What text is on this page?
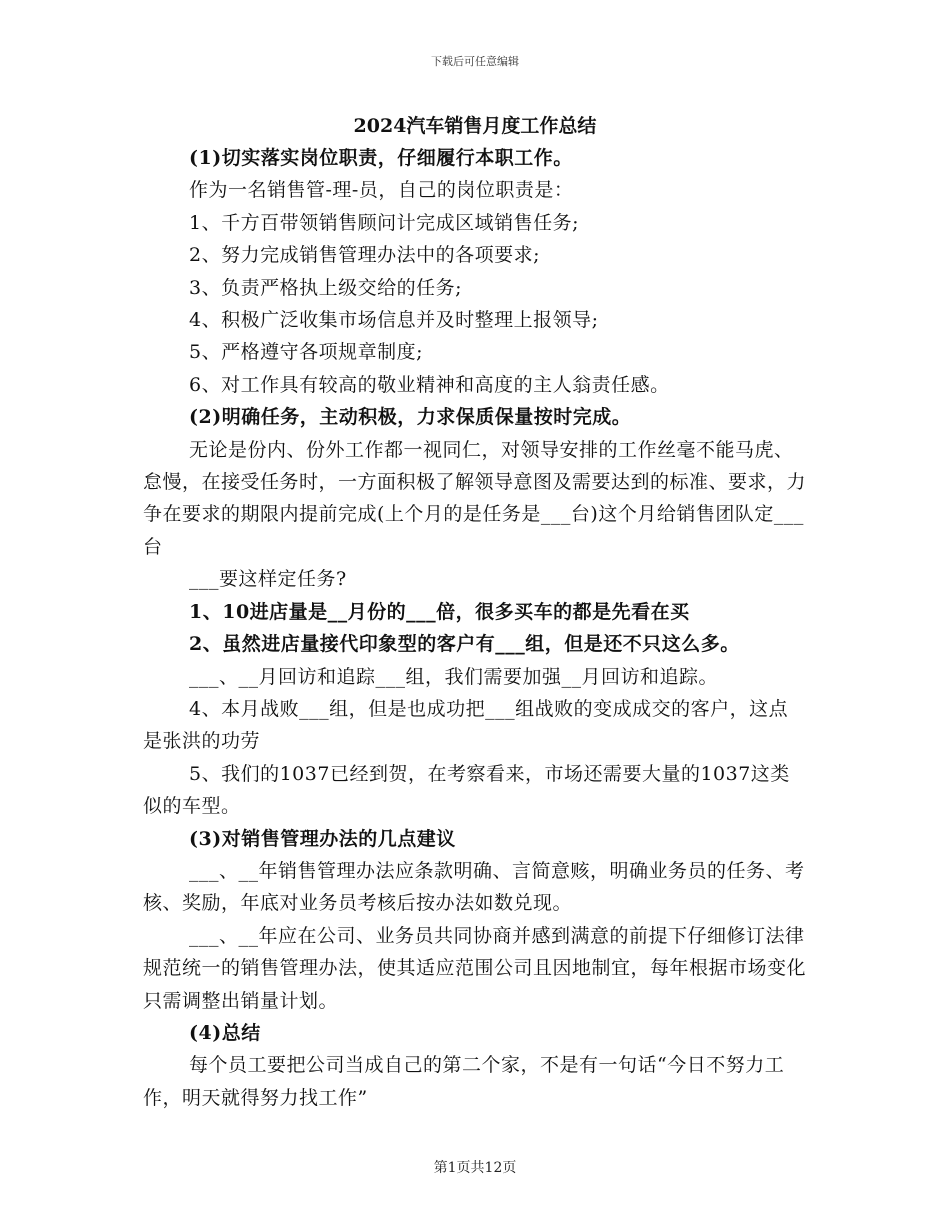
下载后可任意编辑
2024汽车销售月度工作总结

(1)切实落实岗位职责，仔细履行本职工作。

作为一名销售管-理-员，自己的岗位职责是：

1、千方百带领销售顾问计完成区域销售任务;

2、努力完成销售管理办法中的各项要求;

3、负责严格执上级交给的任务;

4、积极广泛收集市场信息并及时整理上报领导;

5、严格遵守各项规章制度;

6、对工作具有较高的敬业精神和高度的主人翁责任感。

(2)明确任务，主动积极，力求保质保量按时完成。

无论是份内、份外工作都一视同仁，对领导安排的工作丝毫不能马虎、怠慢，在接受任务时，一方面积极了解领导意图及需要达到的标准、要求，力争在要求的期限内提前完成(上个月的是任务是___台)这个月给销售团队定___台

___要这样定任务?

1、10进店量是__月份的___倍，很多买车的都是先看在买

2、虽然进店量接代印象型的客户有___组，但是还不只这么多。

___、__月回访和追踪___组，我们需要加强__月回访和追踪。

4、本月战败___组，但是也成功把___组战败的变成成交的客户，这点是张洪的功劳

5、我们的1037已经到贺，在考察看来，市场还需要大量的1037这类似的车型。

(3)对销售管理办法的几点建议

___、__年销售管理办法应条款明确、言简意赅，明确业务员的任务、考核、奖励，年底对业务员考核后按办法如数兑现。

___、__年应在公司、业务员共同协商并感到满意的前提下仔细修订法律规范统一的销售管理办法，使其适应范围公司且因地制宜，每年根据市场变化只需调整出销量计划。

(4)总结

每个员工要把公司当成自己的第二个家，不是有一句话“今日不努力工作，明天就得努力找工作”

第1页共12页
